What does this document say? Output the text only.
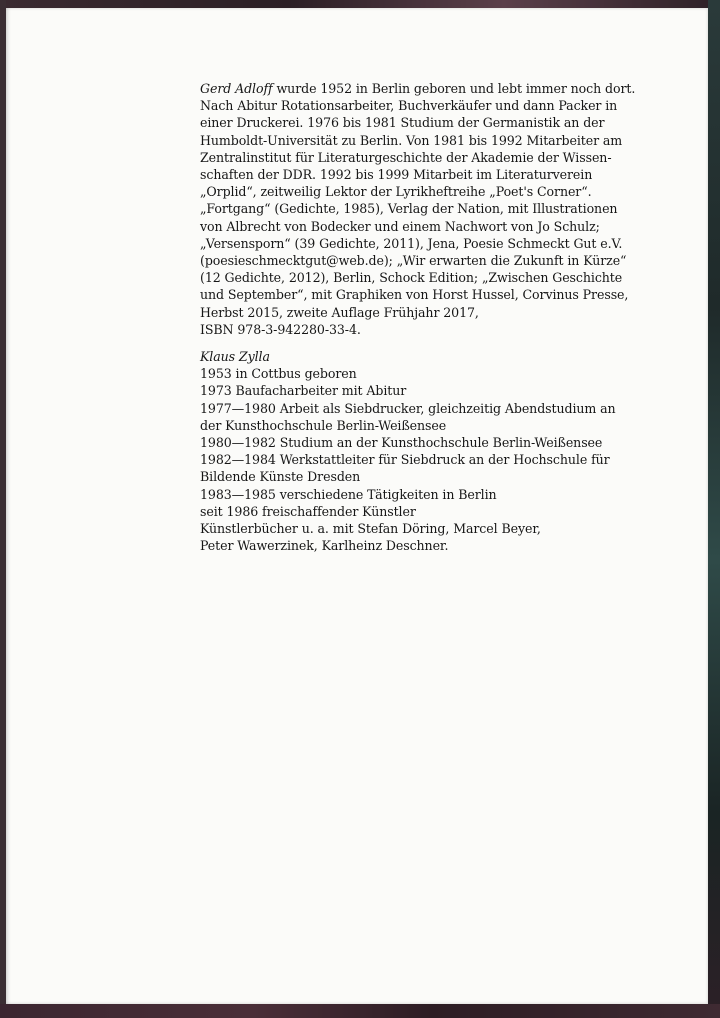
Gerd Adloff wurde 1952 in Berlin geboren und lebt immer noch dort.
Nach Abitur Rotationsarbeiter, Buchverkäufer und dann Packer in
einer Druckerei. 1976 bis 1981 Studium der Germanistik an der
Humboldt-Universität zu Berlin. Von 1981 bis 1992 Mitarbeiter am
Zentralinstitut für Literaturgeschichte der Akademie der Wissen-
schaften der DDR. 1992 bis 1999 Mitarbeit im Literaturverein
„Orplid“, zeitweilig Lektor der Lyrikheftreihe „Poet's Corner“.
„Fortgang“ (Gedichte, 1985), Verlag der Nation, mit Illustrationen
von Albrecht von Bodecker und einem Nachwort von Jo Schulz;
„Versensporn“ (39 Gedichte, 2011), Jena, Poesie Schmeckt Gut e.V.
(poesieschmecktgut@web.de); „Wir erwarten die Zukunft in Kürze“
(12 Gedichte, 2012), Berlin, Schock Edition; „Zwischen Geschichte
und September“, mit Graphiken von Horst Hussel, Corvinus Presse,
Herbst 2015, zweite Auflage Frühjahr 2017,
ISBN 978-3-942280-33-4.
Klaus Zylla
1953 in Cottbus geboren
1973 Baufacharbeiter mit Abitur
1977—1980 Arbeit als Siebdrucker, gleichzeitig Abendstudium an
der Kunsthochschule Berlin-Weißensee
1980—1982 Studium an der Kunsthochschule Berlin-Weißensee
1982—1984 Werkstattleiter für Siebdruck an der Hochschule für
Bildende Künste Dresden
1983—1985 verschiedene Tätigkeiten in Berlin
seit 1986 freischaffender Künstler
Künstlerbücher u. a. mit Stefan Döring, Marcel Beyer,
Peter Wawerzinek, Karlheinz Deschner.
